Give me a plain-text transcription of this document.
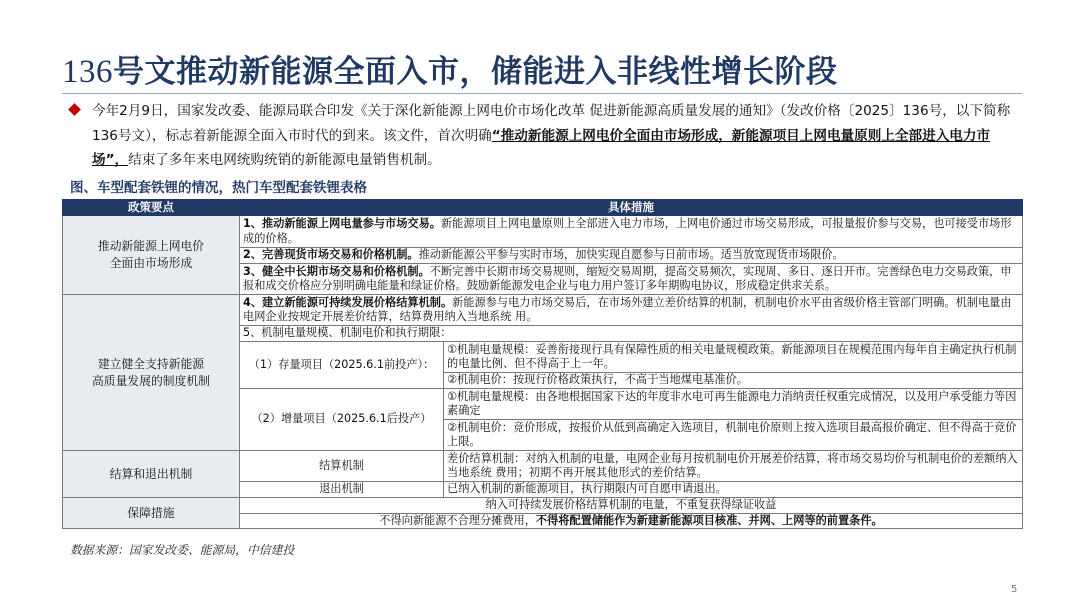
136号文推动新能源全面入市，储能进入非线性增长阶段

今年2月9日，国家发改委、能源局联合印发《关于深化新能源上网电价市场化改革 促进新能源高质量发展的通知》（发改价格〔2025〕136号，以下简称136号文），标志着新能源全面入市时代的到来。该文件，首次明确“推动新能源上网电价全面由市场形成，新能源项目上网电量原则上全部进入电力市场”，结束了多年来电网统购统销的新能源电量销售机制。

图、车型配套铁锂的情况，热门车型配套铁锂表格
政策要点	具体措施	
推动新能源上网电价
全面由市场形成	1、推动新能源上网电量参与市场交易。新能源项目上网电量原则上全部进入电力市场，上网电价通过市场交易形成，可报量报价参与交易，也可接受市场形成的价格。	
	2、完善现货市场交易和价格机制。推动新能源公平参与实时市场，加快实现自愿参与日前市场。适当放宽现货市场限价。	
	3、健全中长期市场交易和价格机制。不断完善中长期市场交易规则，缩短交易周期，提高交易频次，实现周、多日、逐日开市。完善绿色电力交易政策，申报和成交价格应分别明确电能量和绿证价格。鼓励新能源发电企业与电力用户签订多年期购电协议，形成稳定供求关系。	
建立健全支持新能源
高质量发展的制度机制	4、建立新能源可持续发展价格结算机制。新能源参与电力市场交易后，在市场外建立差价结算的机制，机制电价水平由省级价格主管部门明确。机制电量由电网企业按规定开展差价结算，结算费用纳入当地系统 用。	
	5、机制电量规模、机制电价和执行期限：	
	（1）存量项目（2025.6.1前投产）：	①机制电量规模：妥善衔接现行具有保障性质的相关电量规模政策。新能源项目在规模范围内每年自主确定执行机制的电量比例、但不得高于上一年。
		②机制电价：按现行价格政策执行，不高于当地煤电基准价。
	（2）增量项目（2025.6.1后投产）	①机制电量规模：由各地根据国家下达的年度非水电可再生能源电力消纳责任权重完成情况，以及用户承受能力等因素确定
		②机制电价：竞价形成，按报价从低到高确定入选项目，机制电价原则上按入选项目最高报价确定、但不得高于竞价上限。
结算和退出机制	结算机制	差价结算机制：对纳入机制的电量，电网企业每月按机制电价开展差价结算，将市场交易均价与机制电价的差额纳入当地系统 费用；初期不再开展其他形式的差价结算。
	退出机制	已纳入机制的新能源项目，执行期限内可自愿申请退出。
保障措施	纳入可持续发展价格结算机制的电量，不重复获得绿证收益	
	不得向新能源不合理分摊费用，不得将配置储能作为新建新能源项目核准、并网、上网等的前置条件。	
数据来源：国家发改委、能源局，中信建投
5
